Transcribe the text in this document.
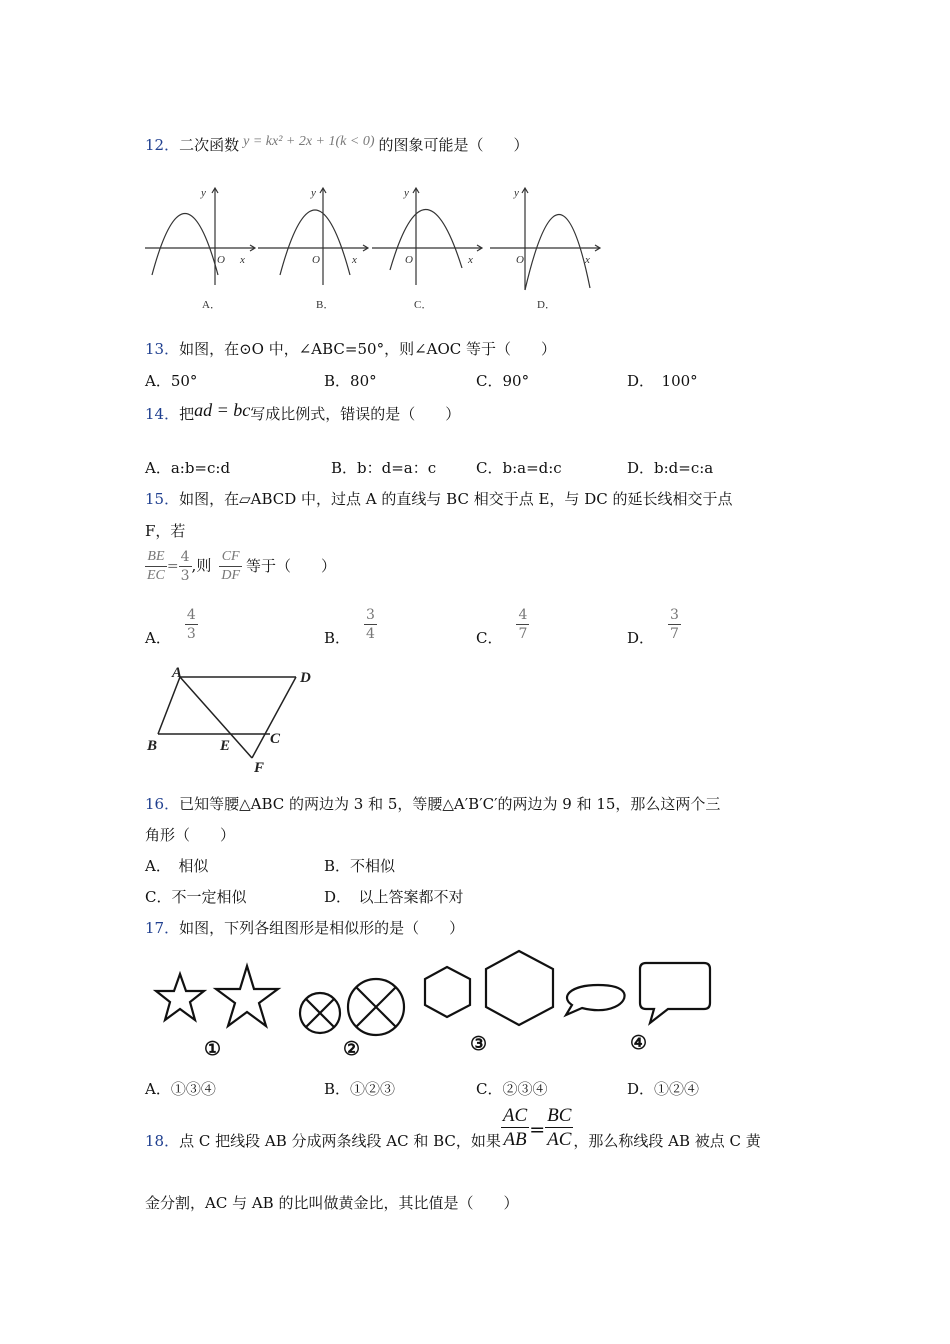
12．二次函数 y = kx² + 2x + 1(k < 0) 的图象可能是（　　）
y
x
O
y
x
O
y
x
O
y
x
O
A．	B．	C．	D．
13．如图，在⊙O 中，∠ABC=50°，则∠AOC 等于（　　）
A．50°	B．80°	C．90°	D．　100°
14．把ad = bc写成比例式，错误的是（　　）
A．a:b=c:d	B．b：d=a：c	C．b:a=d:c	D．b:d=c:a
15．如图，在▱ABCD 中，过点 A 的直线与 BC 相交于点 E，与 DC 的延长线相交于点
F，若
$\frac{BE}{EC} = \frac{4}{3}$ ,则 $\frac{CF}{DF}$ 等于（　　）
A． $\frac{4}{3}$	B． $\frac{3}{4}$	C． $\frac{4}{7}$	D． $\frac{3}{7}$
A	D
B	E	C
F
16．已知等腰△ABC 的两边为 3 和 5，等腰△A′B′C′的两边为 9 和 15，那么这两个三
角形（　　）
A．　相似	B．不相似
C．不一定相似	D．　以上答案都不对
17．如图，下列各组图形是相似形的是（　　）
①	②	③	④
A．①③④	B．①②③	C．②③④	D．①②④
18．点 C 把线段 AB 分成两条线段 AC 和 BC，如果 $\frac{AC}{AB} = \frac{BC}{AC}$ ，那么称线段 AB 被点 C 黄
金分割，AC 与 AB 的比叫做黄金比，其比值是（　　）
